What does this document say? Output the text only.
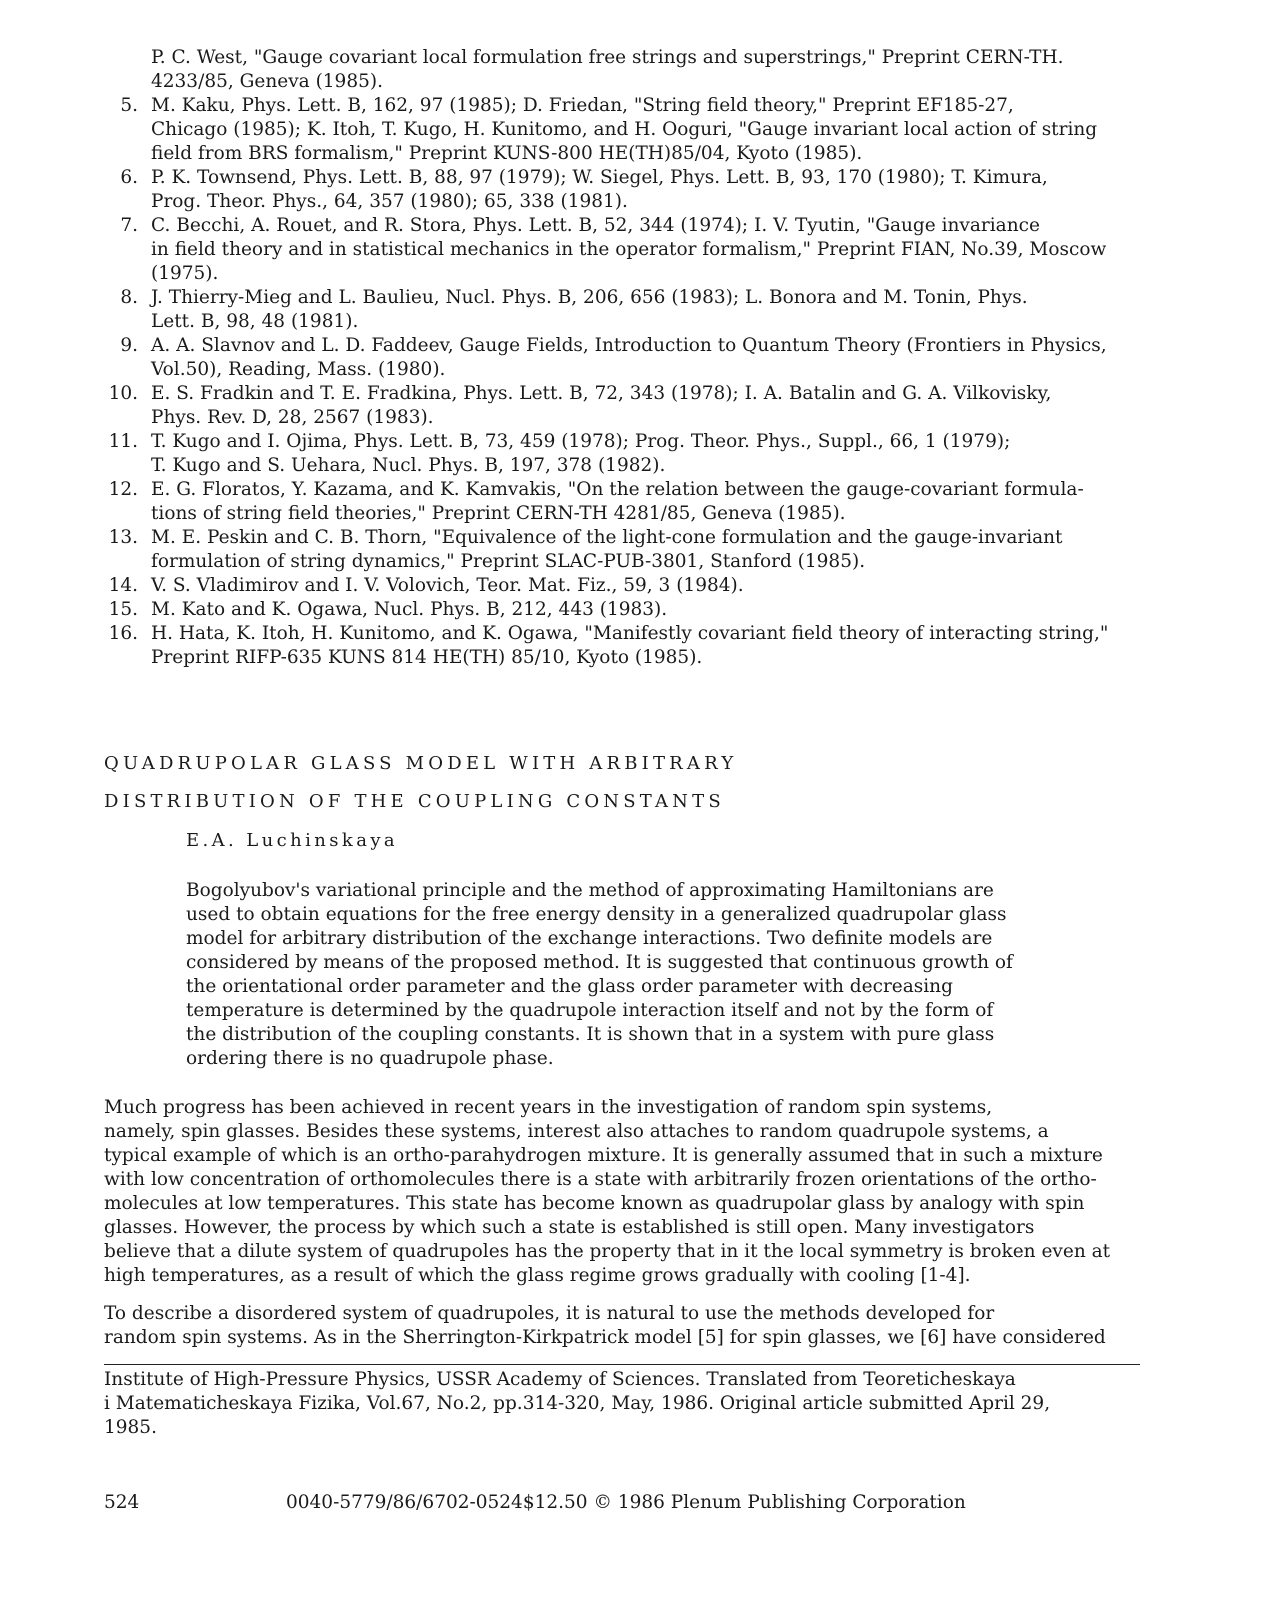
P. C. West, "Gauge covariant local formulation free strings and superstrings," Preprint CERN-TH.
4233/85, Geneva (1985).
5. M. Kaku, Phys. Lett. B, 162, 97 (1985); D. Friedan, "String field theory," Preprint EF185-27,
Chicago (1985); K. Itoh, T. Kugo, H. Kunitomo, and H. Ooguri, "Gauge invariant local action of string
field from BRS formalism," Preprint KUNS-800 HE(TH)85/04, Kyoto (1985).
6. P. K. Townsend, Phys. Lett. B, 88, 97 (1979); W. Siegel, Phys. Lett. B, 93, 170 (1980); T. Kimura,
Prog. Theor. Phys., 64, 357 (1980); 65, 338 (1981).
7. C. Becchi, A. Rouet, and R. Stora, Phys. Lett. B, 52, 344 (1974); I. V. Tyutin, "Gauge invariance
in field theory and in statistical mechanics in the operator formalism," Preprint FIAN, No.39, Moscow
(1975).
8. J. Thierry-Mieg and L. Baulieu, Nucl. Phys. B, 206, 656 (1983); L. Bonora and M. Tonin, Phys.
Lett. B, 98, 48 (1981).
9. A. A. Slavnov and L. D. Faddeev, Gauge Fields, Introduction to Quantum Theory (Frontiers in Physics,
Vol.50), Reading, Mass. (1980).
10. E. S. Fradkin and T. E. Fradkina, Phys. Lett. B, 72, 343 (1978); I. A. Batalin and G. A. Vilkovisky,
Phys. Rev. D, 28, 2567 (1983).
11. T. Kugo and I. Ojima, Phys. Lett. B, 73, 459 (1978); Prog. Theor. Phys., Suppl., 66, 1 (1979);
T. Kugo and S. Uehara, Nucl. Phys. B, 197, 378 (1982).
12. E. G. Floratos, Y. Kazama, and K. Kamvakis, "On the relation between the gauge-covariant formula-
tions of string field theories," Preprint CERN-TH 4281/85, Geneva (1985).
13. M. E. Peskin and C. B. Thorn, "Equivalence of the light-cone formulation and the gauge-invariant
formulation of string dynamics," Preprint SLAC-PUB-3801, Stanford (1985).
14. V. S. Vladimirov and I. V. Volovich, Teor. Mat. Fiz., 59, 3 (1984).
15. M. Kato and K. Ogawa, Nucl. Phys. B, 212, 443 (1983).
16. H. Hata, K. Itoh, H. Kunitomo, and K. Ogawa, "Manifestly covariant field theory of interacting string,"
Preprint RIFP-635 KUNS 814 HE(TH) 85/10, Kyoto (1985).
QUADRUPOLAR GLASS MODEL WITH ARBITRARY
DISTRIBUTION OF THE COUPLING CONSTANTS
E.A. Luchinskaya
Bogolyubov's variational principle and the method of approximating Hamiltonians are
used to obtain equations for the free energy density in a generalized quadrupolar glass
model for arbitrary distribution of the exchange interactions. Two definite models are
considered by means of the proposed method. It is suggested that continuous growth of
the orientational order parameter and the glass order parameter with decreasing
temperature is determined by the quadrupole interaction itself and not by the form of
the distribution of the coupling constants. It is shown that in a system with pure glass
ordering there is no quadrupole phase.

Much progress has been achieved in recent years in the investigation of random spin systems,
namely, spin glasses. Besides these systems, interest also attaches to random quadrupole systems, a
typical example of which is an ortho-parahydrogen mixture. It is generally assumed that in such a mixture
with low concentration of orthomolecules there is a state with arbitrarily frozen orientations of the ortho-
molecules at low temperatures. This state has become known as quadrupolar glass by analogy with spin
glasses. However, the process by which such a state is established is still open. Many investigators
believe that a dilute system of quadrupoles has the property that in it the local symmetry is broken even at
high temperatures, as a result of which the glass regime grows gradually with cooling [1-4].

To describe a disordered system of quadrupoles, it is natural to use the methods developed for
random spin systems. As in the Sherrington-Kirkpatrick model [5] for spin glasses, we [6] have considered

Institute of High-Pressure Physics, USSR Academy of Sciences. Translated from Teoreticheskaya
i Matematicheskaya Fizika, Vol.67, No.2, pp.314-320, May, 1986. Original article submitted April 29,
1985.
524	0040-5779/86/6702-0524$12.50 © 1986 Plenum Publishing Corporation
